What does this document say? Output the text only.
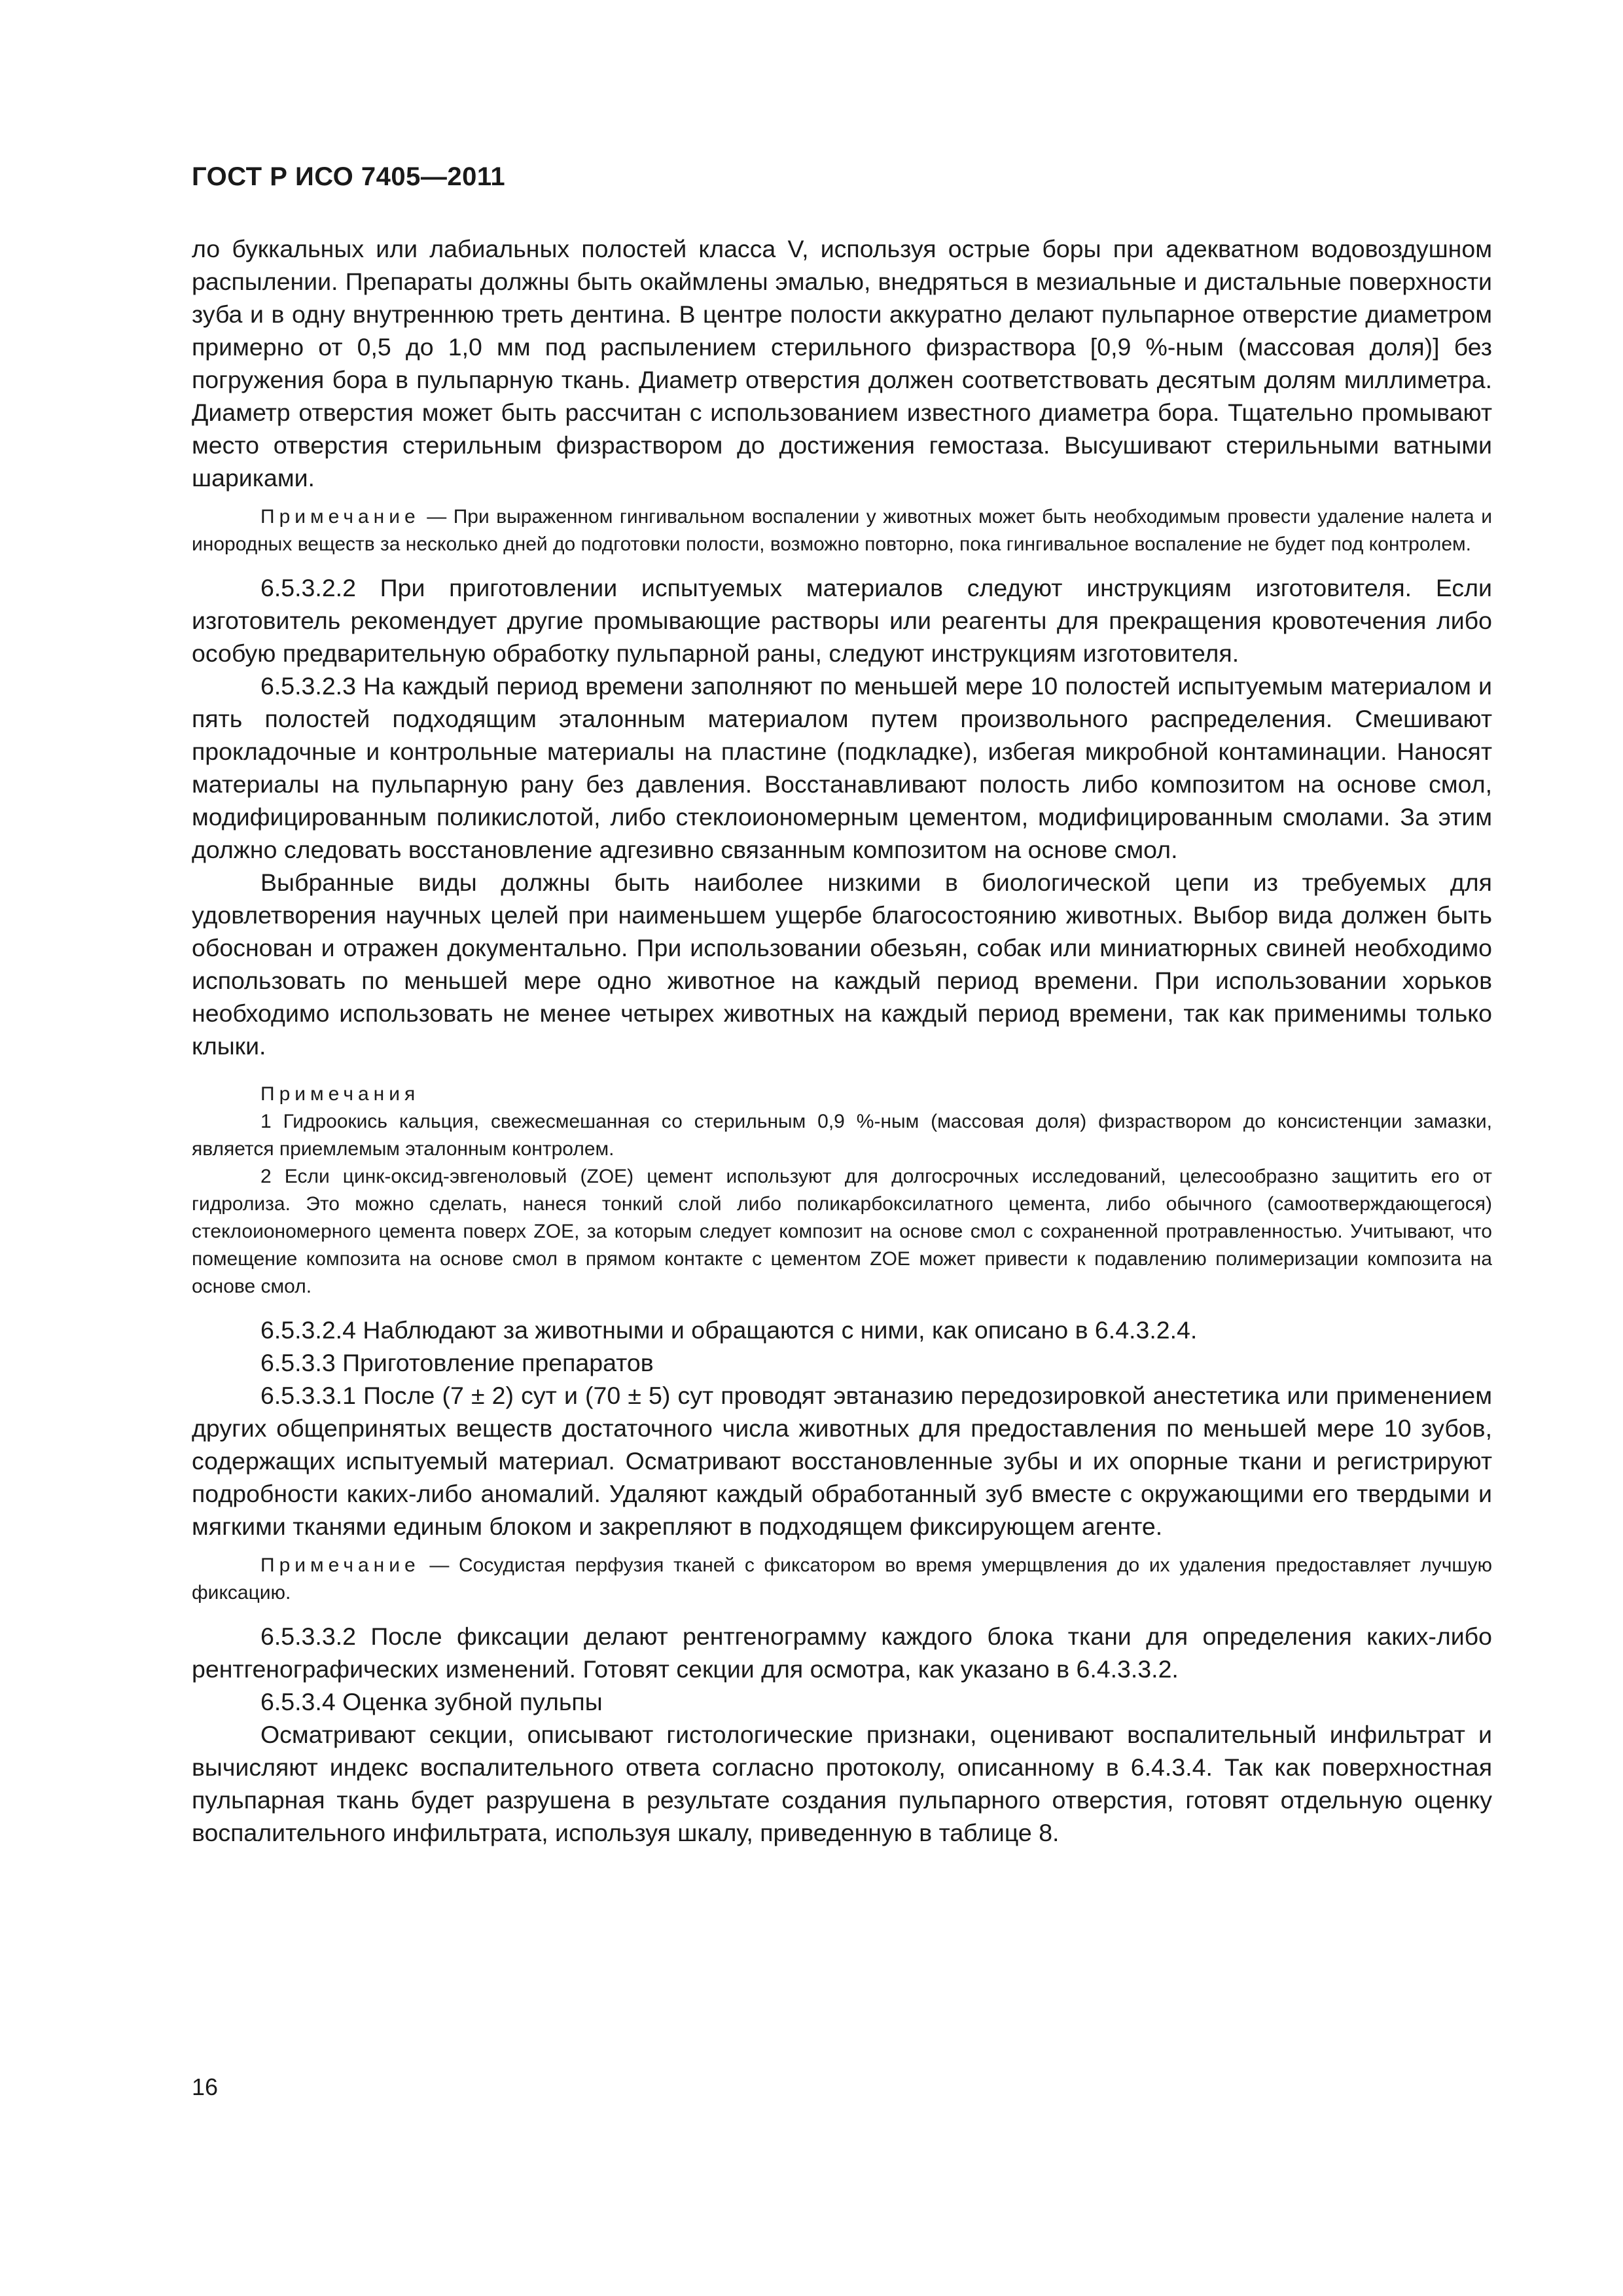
ГОСТ Р ИСО 7405—2011

ло буккальных или лабиальных полостей класса V, используя острые боры при адекватном водовоздушном распылении. Препараты должны быть окаймлены эмалью, внедряться в мезиальные и дистальные поверхности зуба и в одну внутреннюю треть дентина. В центре полости аккуратно делают пульпарное отверстие диаметром примерно от 0,5 до 1,0 мм под распылением стерильного физраствора [0,9 %-ным (массовая доля)] без погружения бора в пульпарную ткань. Диаметр отверстия должен соответствовать десятым долям миллиметра. Диаметр отверстия может быть рассчитан с использованием известного диаметра бора. Тщательно промывают место отверстия стерильным физраствором до достижения гемостаза. Высушивают стерильными ватными шариками.

Примечание — При выраженном гингивальном воспалении у животных может быть необходимым провести удаление налета и инородных веществ за несколько дней до подготовки полости, возможно повторно, пока гингивальное воспаление не будет под контролем.

6.5.3.2.2 При приготовлении испытуемых материалов следуют инструкциям изготовителя. Если изготовитель рекомендует другие промывающие растворы или реагенты для прекращения кровотечения либо особую предварительную обработку пульпарной раны, следуют инструкциям изготовителя.

6.5.3.2.3 На каждый период времени заполняют по меньшей мере 10 полостей испытуемым материалом и пять полостей подходящим эталонным материалом путем произвольного распределения. Смешивают прокладочные и контрольные материалы на пластине (подкладке), избегая микробной контаминации. Наносят материалы на пульпарную рану без давления. Восстанавливают полость либо композитом на основе смол, модифицированным поликислотой, либо стеклоиономерным цементом, модифицированным смолами. За этим должно следовать восстановление адгезивно связанным композитом на основе смол.

Выбранные виды должны быть наиболее низкими в биологической цепи из требуемых для удовлетворения научных целей при наименьшем ущербе благосостоянию животных. Выбор вида должен быть обоснован и отражен документально. При использовании обезьян, собак или миниатюрных свиней необходимо использовать по меньшей мере одно животное на каждый период времени. При использовании хорьков необходимо использовать не менее четырех животных на каждый период времени, так как применимы только клыки.

Примечания

1 Гидроокись кальция, свежесмешанная со стерильным 0,9 %-ным (массовая доля) физраствором до консистенции замазки, является приемлемым эталонным контролем.

2 Если цинк-оксид-эвгеноловый (ZOE) цемент используют для долгосрочных исследований, целесообразно защитить его от гидролиза. Это можно сделать, нанеся тонкий слой либо поликарбоксилатного цемента, либо обычного (самоотверждающегося) стеклоиономерного цемента поверх ZOE, за которым следует композит на основе смол с сохраненной протравленностью. Учитывают, что помещение композита на основе смол в прямом контакте с цементом ZOE может привести к подавлению полимеризации композита на основе смол.

6.5.3.2.4 Наблюдают за животными и обращаются с ними, как описано в 6.4.3.2.4.

6.5.3.3 Приготовление препаратов

6.5.3.3.1 После (7 ± 2) сут и (70 ± 5) сут проводят эвтаназию передозировкой анестетика или применением других общепринятых веществ достаточного числа животных для предоставления по меньшей мере 10 зубов, содержащих испытуемый материал. Осматривают восстановленные зубы и их опорные ткани и регистрируют подробности каких-либо аномалий. Удаляют каждый обработанный зуб вместе с окружающими его твердыми и мягкими тканями единым блоком и закрепляют в подходящем фиксирующем агенте.

Примечание — Сосудистая перфузия тканей с фиксатором во время умерщвления до их удаления предоставляет лучшую фиксацию.

6.5.3.3.2 После фиксации делают рентгенограмму каждого блока ткани для определения каких-либо рентгенографических изменений. Готовят секции для осмотра, как указано в 6.4.3.3.2.

6.5.3.4 Оценка зубной пульпы

Осматривают секции, описывают гистологические признаки, оценивают воспалительный инфильтрат и вычисляют индекс воспалительного ответа согласно протоколу, описанному в 6.4.3.4. Так как поверхностная пульпарная ткань будет разрушена в результате создания пульпарного отверстия, готовят отдельную оценку воспалительного инфильтрата, используя шкалу, приведенную в таблице 8.

16
